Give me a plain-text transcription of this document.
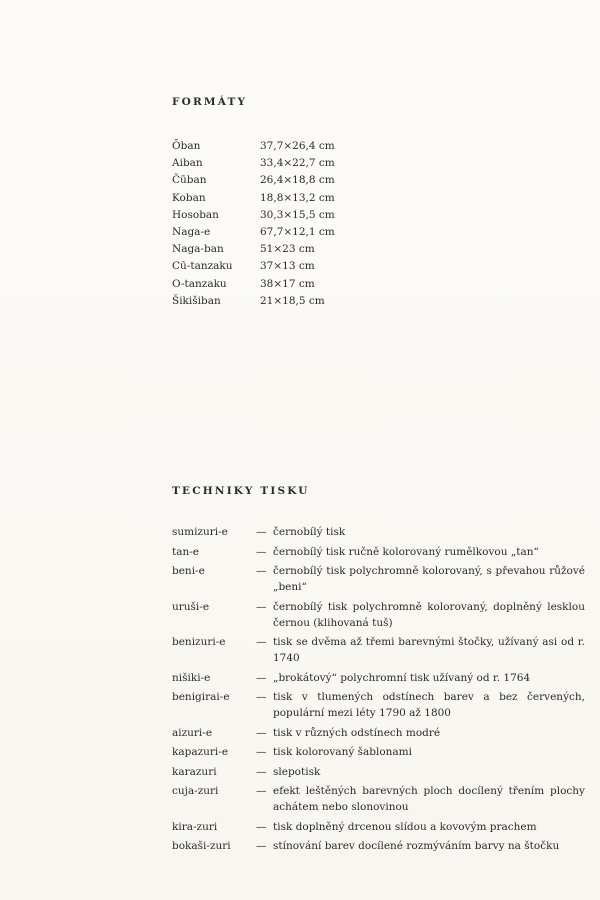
FORMÁTY
Ōban	37,7×26,4 cm
Aiban	33,4×22,7 cm
Čūban	26,4×18,8 cm
Koban	18,8×13,2 cm
Hosoban	30,3×15,5 cm
Naga-e	67,7×12,1 cm
Naga-ban	51×23 cm
Cū-tanzaku	37×13 cm
O-tanzaku	38×17 cm
Šikišiban	21×18,5 cm
TECHNIKY TISKU
sumizuri-e	— černobílý tisk
tan-e	— černobílý tisk ručně kolorovaný rumělkovou „tan“
beni-e	— černobílý tisk polychromně kolorovaný, s převahou růžové „beni“
uruši-e	— černobílý tisk polychromně kolorovaný, doplněný lesklou černou (klihovaná tuš)
benizuri-e	— tisk se dvěma až třemi barevnými štočky, užívaný asi od r. 1740
nišiki-e	— „brokátový“ polychromní tisk užívaný od r. 1764
benigirai-e	— tisk v tlumených odstínech barev a bez červených, populární mezi léty 1790 až 1800
aizuri-e	— tisk v různých odstínech modré
kapazuri-e	— tisk kolorovaný šablonami
karazuri	— slepotisk
cuja-zuri	— efekt leštěných barevných ploch docílený třením plochy achátem nebo slonovinou
kira-zuri	— tisk doplněný drcenou slídou a kovovým prachem
bokaši-zuri	— stínování barev docílené rozmýváním barvy na štočku
